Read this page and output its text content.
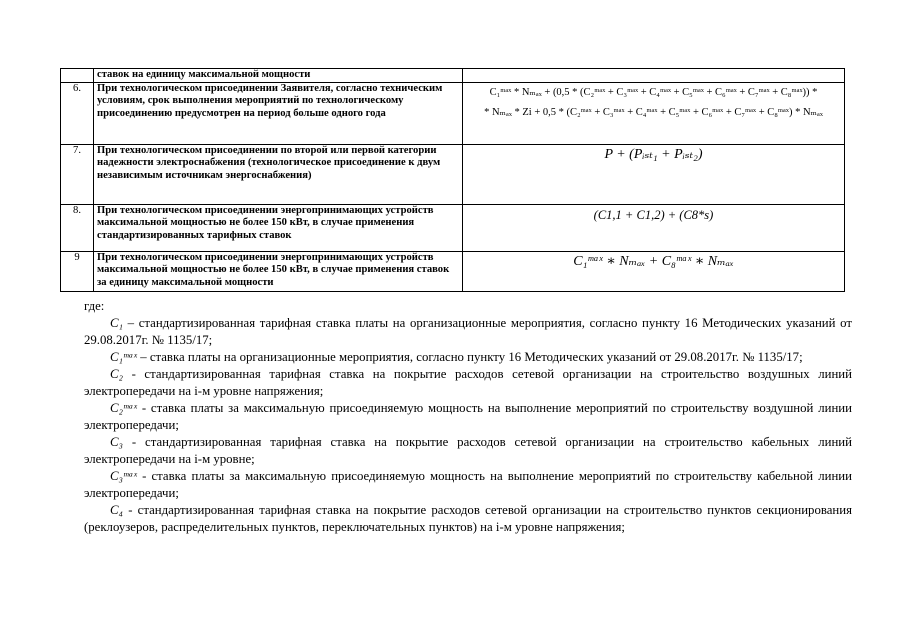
	ставок на единицу максимальной мощности	

6.	При технологическом присоединении Заявителя, согласно техническим условиям, срок выполнения мероприятий по технологическому присоединению предусмотрен на период больше одного года	C₁ᵐᵃˣ * Nₘₐₓ + (0,5 * (C₂ᵐᵃˣ + C₃ᵐᵃˣ + C₄ᵐᵃˣ + C₅ᵐᵃˣ + C₆ᵐᵃˣ + C₇ᵐᵃˣ + C₈ᵐᵃˣ)) *
* Nₘₐₓ * Zi + 0,5 * (C₂ᵐᵃˣ + C₃ᵐᵃˣ + C₄ᵐᵃˣ + C₅ᵐᵃˣ + C₆ᵐᵃˣ + C₇ᵐᵃˣ + C₈ᵐᵃˣ) * Nₘₐₓ

7.	При технологическом присоединении по второй или первой категории надежности электроснабжения (технологическое присоединение к двум независимым источникам энергоснабжения)	P + (Pᵢₛₜ₁ + Pᵢₛₜ₂)

8.	При технологическом присоединении энергопринимающих устройств максимальной мощностью не более 150 кВт, в случае применения стандартизированных тарифных ставок	(C1,1 + C1,2) + (C8*s)

9	При технологическом присоединении энергопринимающих устройств максимальной мощностью не более 150 кВт, в случае применения ставок за единицу максимальной мощности	C₁ᵐᵃˣ ∗ Nₘₐₓ + C₈ᵐᵃˣ ∗ Nₘₐₓ

где:

C₁ – стандартизированная тарифная ставка платы на организационные мероприятия, согласно пункту 16 Методических указаний от 29.08.2017г. № 1135/17;

C₁ᵐᵃˣ – ставка платы на организационные мероприятия, согласно пункту 16 Методических указаний от 29.08.2017г. № 1135/17;

C₂ - стандартизированная тарифная ставка на покрытие расходов сетевой организации на строительство воздушных линий электропередачи на i-м уровне напряжения;

C₂ᵐᵃˣ - ставка платы за максимальную присоединяемую мощность на выполнение мероприятий по строительству воздушной линии электропередачи;

C₃ - стандартизированная тарифная ставка на покрытие расходов сетевой организации на строительство кабельных линий электропередачи на i-м уровне;

C₃ᵐᵃˣ - ставка платы за максимальную присоединяемую мощность на выполнение мероприятий по строительству кабельной линии электропередачи;

C₄ - стандартизированная тарифная ставка на покрытие расходов сетевой организации на строительство пунктов секционирования (реклоузеров, распределительных пунктов, переключательных пунктов) на i-м уровне напряжения;
